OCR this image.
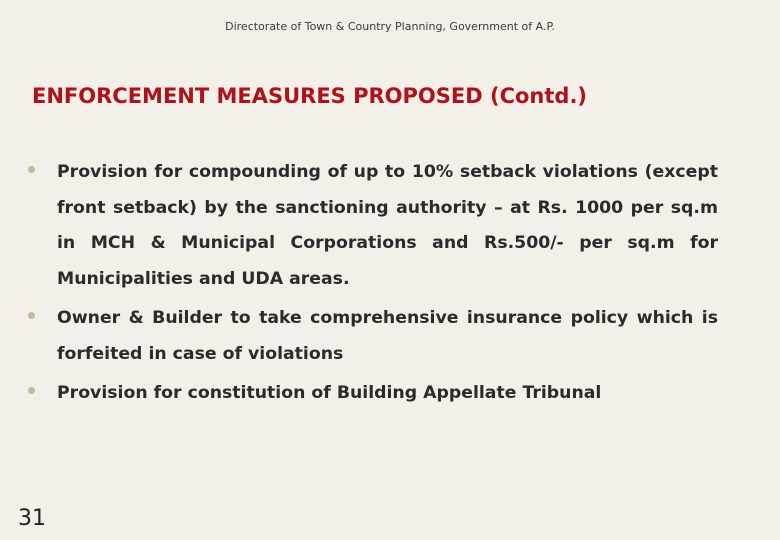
Directorate of Town & Country Planning, Government of A.P.
ENFORCEMENT MEASURES PROPOSED (Contd.)
Provision for compounding of up to 10% setback violations (except front setback) by the sanctioning authority – at Rs. 1000 per sq.m in MCH & Municipal Corporations and Rs.500/- per sq.m for Municipalities and UDA areas.
Owner & Builder to take comprehensive insurance policy which is forfeited in case of violations
Provision for constitution of Building Appellate Tribunal
31
